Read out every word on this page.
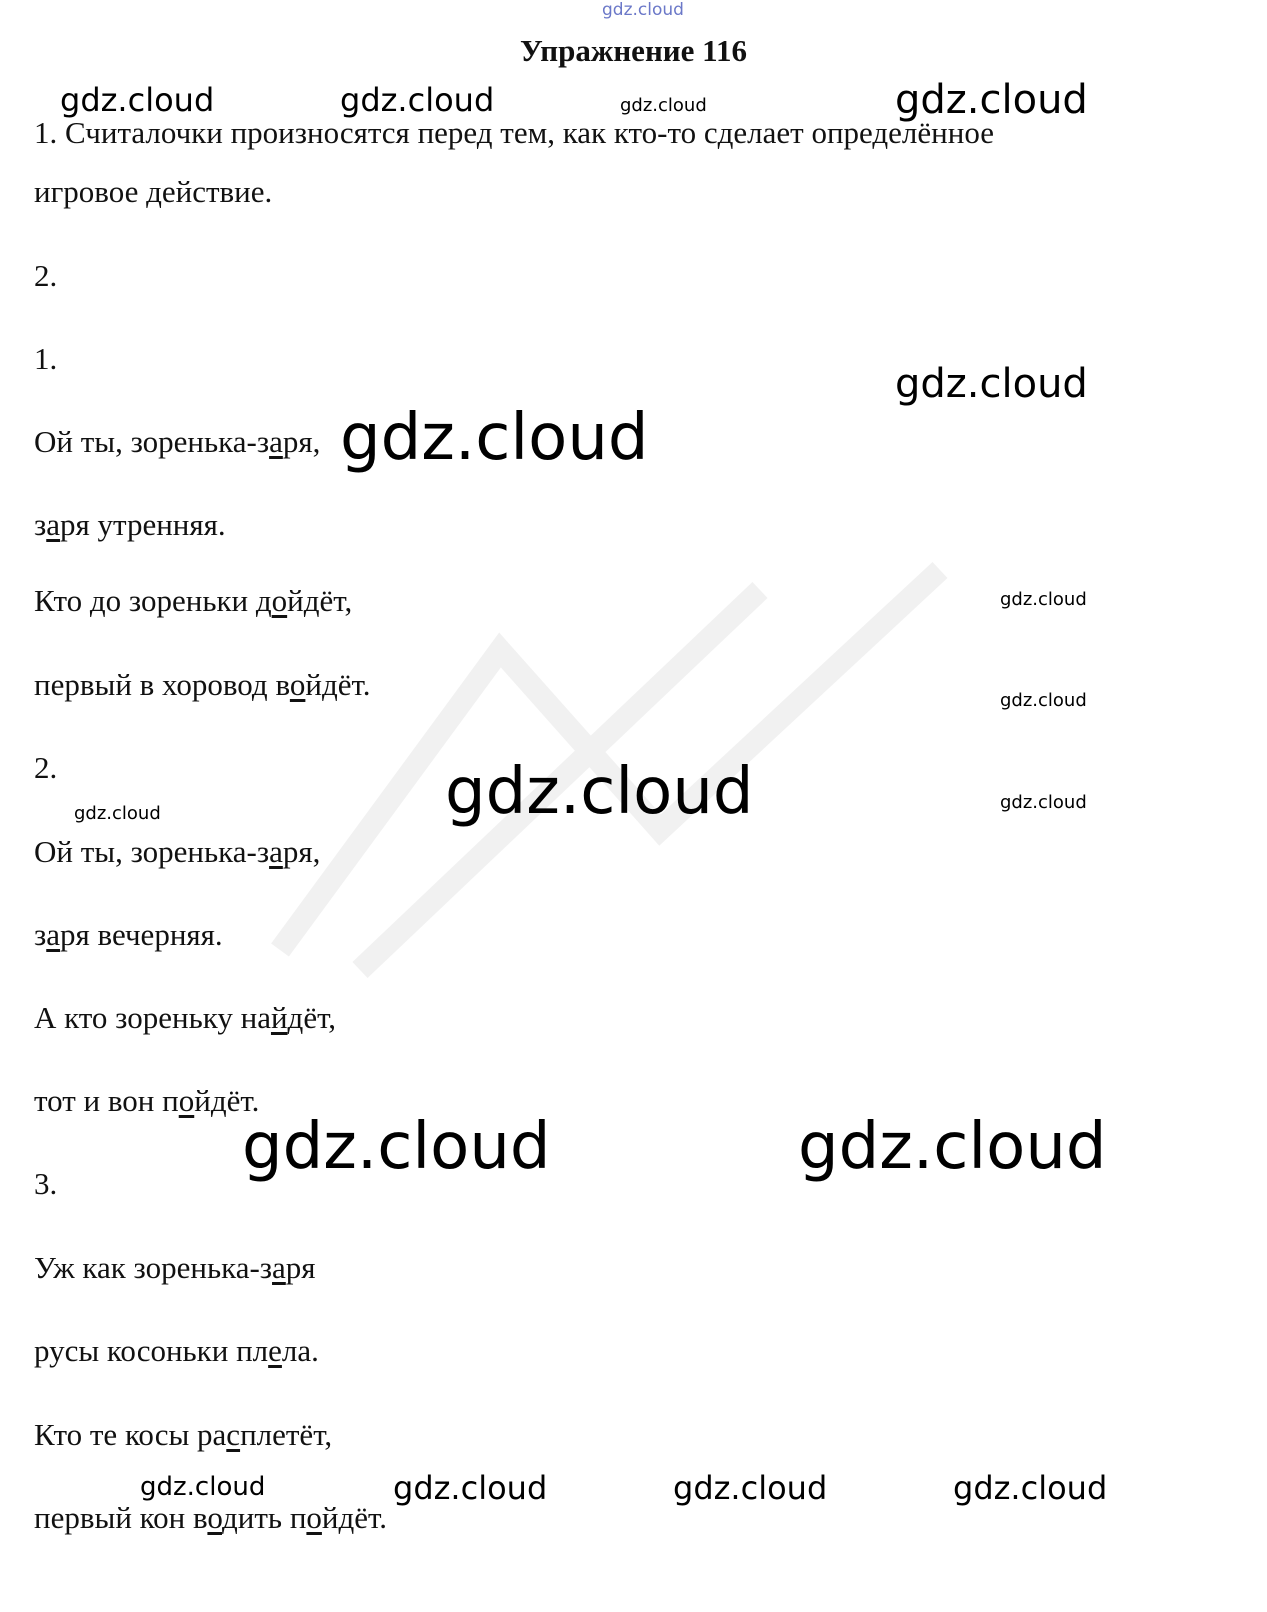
gdz.cloud
Упражнение 116
1. Считалочки произносятся перед тем, как кто-то сделает определённое
игровое действие.
2.
1.
Ой ты, зоренька-заря,
заря утренняя.
Кто до зореньки дойдёт,
первый в хоровод войдёт.
2.
Ой ты, зоренька-заря,
заря вечерняя.
А кто зореньку найдёт,
тот и вон пойдёт.
3.
Уж как зоренька-заря
русы косоньки плела.
Кто те косы расплетёт,
первый кон водить пойдёт.
gdz.cloud	gdz.cloud	gdz.cloud	gdz.cloud
gdz.cloud
gdz.cloud
gdz.cloud
gdz.cloud
gdz.cloud	gdz.cloud	gdz.cloud
gdz.cloud	gdz.cloud
gdz.cloud	gdz.cloud	gdz.cloud	gdz.cloud
